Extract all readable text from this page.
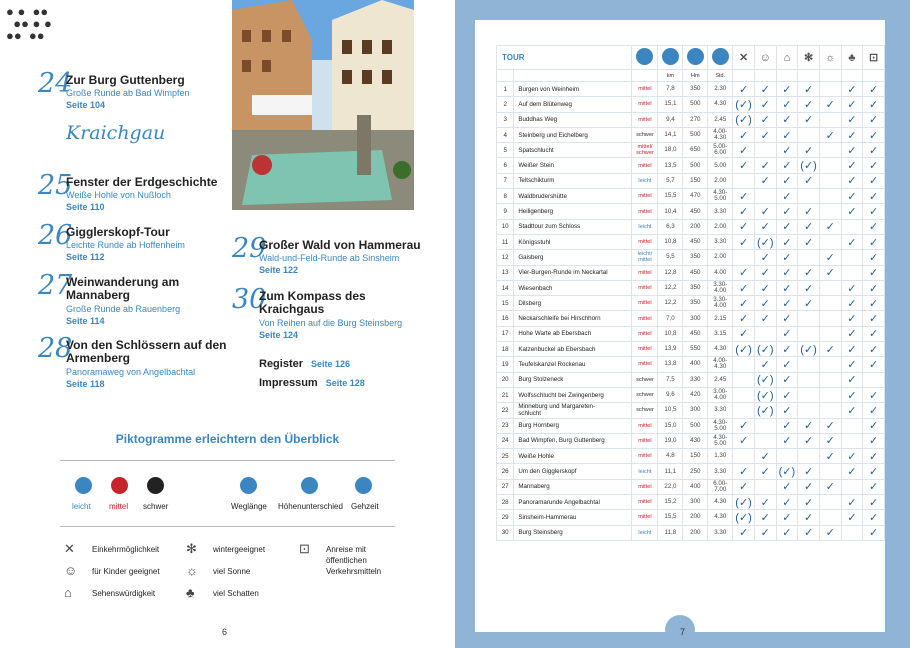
● ●  ●●
●● ● ●
●●  ●●
24
Zur Burg Guttenberg
Große Runde ab Bad Wimpfen
Seite 104
Kraichgau
25
Fenster der Erdgeschichte
Weiße Hohle von Nußloch
Seite 110
26
Gigglerskopf-Tour
Leichte Runde ab Hoffenheim
Seite 112
27
Weinwanderung am
Mannaberg
Große Runde ab Rauenberg
Seite 114
28
Von den Schlössern auf den
Armenberg
Panoramaweg von Angelbachtal
Seite 118
29
Großer Wald von Hammerau
Wald-und-Feld-Runde ab Sinsheim
Seite 122
30
Zum Kompass des
Kraichgaus
Von Reihen auf die Burg Steinsberg
Seite 124
Register Seite 126
Impressum Seite 128
Piktogramme erleichtern den Überblick
leicht mittel schwer	Weglänge Höhenunterschied Gehzeit
✕ Einkehrmöglichkeit
☺ für Kinder geeignet
⌂	Sehenswürdigkeit
✻ wintergeeignet
☼ viel Sonne
♣ viel Schatten
⊡ Anreise mit
öffentlichen
Verkehrsmitteln
6	7
TOUR						✕	☺	⌂	✻	☼	♣	⊡
			km	Hm	Std.							
1	Burgen von Weinheim	mittel	7,8	350	2.30	✓	✓	✓	✓		✓	✓
2	Auf dem Blütenweg	mittel	15,1	500	4.30	(✓)	✓	✓	✓	✓	✓	✓
3	Buddhas Weg	mittel	9,4	270	2.45	(✓)	✓	✓	✓		✓	✓
4	Steinberg und Eichelberg	schwer	14,1	500	4.00-
4.30	✓	✓	✓		✓	✓	✓
5	Spatschlucht	mittel/
schwer	18,0	650	5.00-
6.00	✓		✓	✓		✓	✓
6	Weißer Stein	mittel	13,5	500	5.00	✓	✓	✓	(✓)		✓	✓
7	Teltschikturm	leicht	5,7	150	2.00		✓	✓	✓		✓	✓
8	Waldbrudershütte	mittel	15,5	470	4.30-
5.00	✓		✓			✓	✓
9	Heiligenberg	mittel	10,4	450	3.30	✓	✓	✓	✓		✓	✓
10	Stadttour zum Schloss	leicht	6,3	200	2.00	✓	✓	✓	✓	✓		✓
11	Königsstuhl	mittel	10,8	450	3.30	✓	(✓)	✓	✓		✓	✓
12	Gaisberg	leicht/
mittel	5,5	350	2.00		✓	✓		✓		✓
13	Vier-Burgen-Runde im Neckartal	mittel	12,8	450	4.00	✓	✓	✓	✓	✓		✓
14	Wiesenbach	mittel	12,2	350	3.30-
4.00	✓	✓	✓	✓		✓	✓
15	Dilsberg	mittel	12,2	350	3.30-
4.00	✓	✓	✓	✓		✓	✓
16	Neckarschleife bei Hirschhorn	mittel	7,0	300	2.15	✓	✓	✓			✓	✓
17	Hohe Warte ab Ebersbach	mittel	10,8	450	3.15	✓		✓			✓	✓
18	Katzenbuckel ab Ebersbach	mittel	13,9	550	4.30	(✓)	(✓)	✓	(✓)	✓	✓	✓
19	Teufelskanzel Rockenau	mittel	13,8	400	4.00-
4.30		✓	✓			✓	✓
20	Burg Stolzeneck	schwer	7,5	330	2.45		(✓)	✓			✓	
21	Wolfsschlucht bei Zwingenberg	schwer	9,6	420	3.00-
4.00		(✓)	✓			✓	✓
22	Minneburg und Margareten-
schlucht	schwer	10,5	300	3.30		(✓)	✓			✓	✓
23	Burg Hornberg	mittel	15,0	500	4.30-
5.00	✓		✓	✓	✓		✓
24	Bad Wimpfen, Burg Guttenberg	mittel	19,0	430	4.30-
5.00	✓		✓	✓	✓		✓
25	Weiße Hohle	mittel	4,8	150	1.30		✓			✓	✓	✓
26	Um den Gigglerskopf	leicht	11,1	250	3.30	✓	✓	(✓)	✓		✓	✓
27	Mannaberg	mittel	22,0	400	6.00-
7.00	✓		✓	✓	✓		✓
28	Panoramarunde Angelbachtal	mittel	15,2	300	4.30	(✓)	✓	✓	✓		✓	✓
29	Sinsheim-Hammerau	mittel	15,5	200	4.30	(✓)	✓	✓	✓		✓	✓
30	Burg Steinsberg	leicht	11,8	200	3.30	✓	✓	✓	✓	✓		✓
